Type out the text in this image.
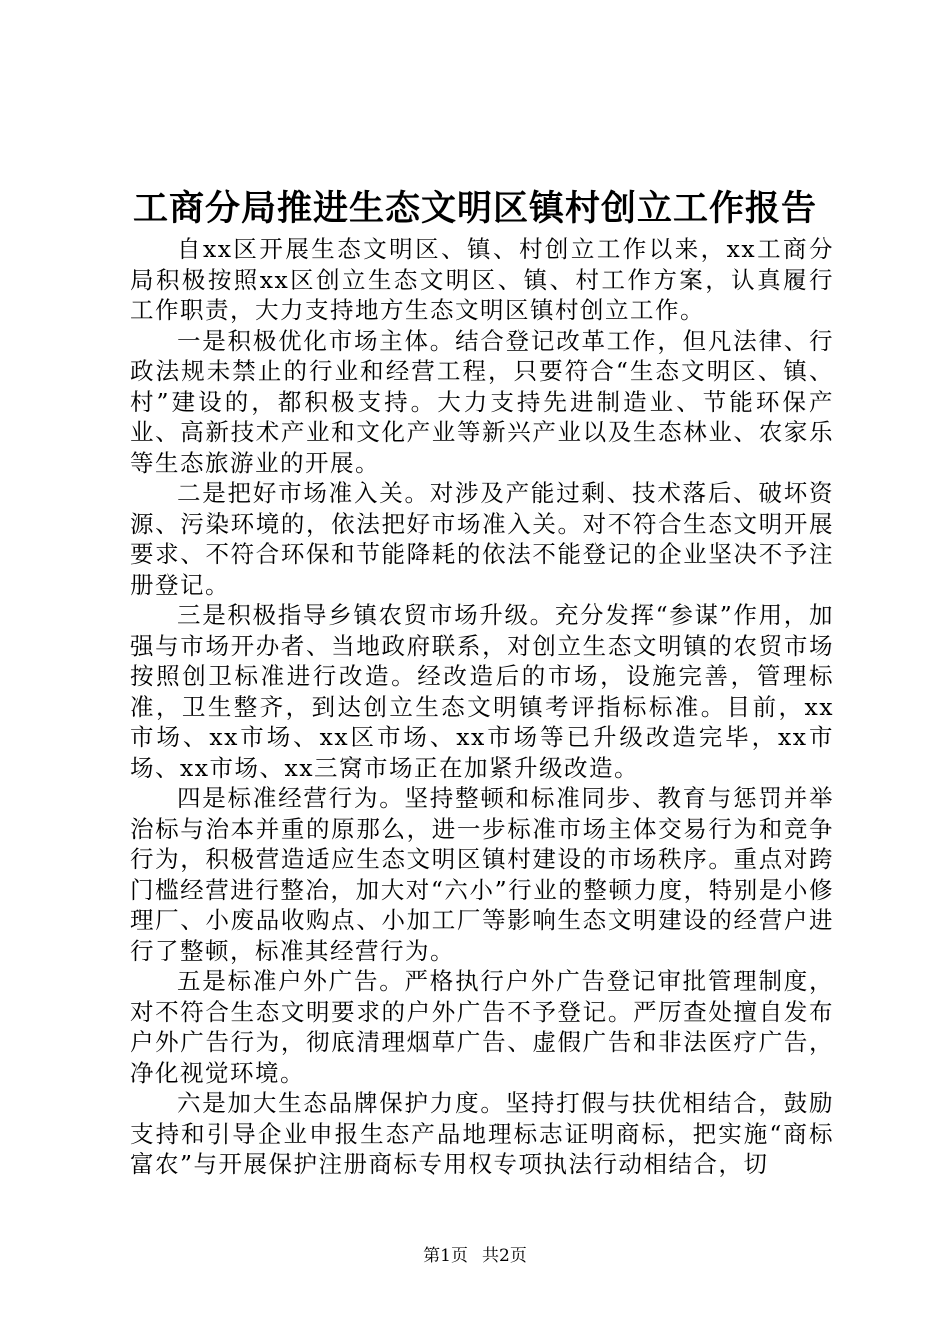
工商分局推进生态文明区镇村创立工作报告

自xx区开展生态文明区、镇、村创立工作以来，xx工商分局积极按照xx区创立生态文明区、镇、村工作方案，认真履行工作职责，大力支持地方生态文明区镇村创立工作。

一是积极优化市场主体。结合登记改革工作，但凡法律、行政法规未禁止的行业和经营工程，只要符合“生态文明区、镇、村”建设的，都积极支持。大力支持先进制造业、节能环保产业、高新技术产业和文化产业等新兴产业以及生态林业、农家乐等生态旅游业的开展。

二是把好市场准入关。对涉及产能过剩、技术落后、破坏资源、污染环境的，依法把好市场准入关。对不符合生态文明开展要求、不符合环保和节能降耗的依法不能登记的企业坚决不予注册登记。

三是积极指导乡镇农贸市场升级。充分发挥“参谋”作用，加强与市场开办者、当地政府联系，对创立生态文明镇的农贸市场按照创卫标准进行改造。经改造后的市场，设施完善，管理标准，卫生整齐，到达创立生态文明镇考评指标标准。目前，xx市场、xx市场、xx区市场、xx市场等已升级改造完毕，xx市场、xx市场、xx三窝市场正在加紧升级改造。

四是标准经营行为。坚持整顿和标准同步、教育与惩罚并举治标与治本并重的原那么，进一步标准市场主体交易行为和竞争行为，积极营造适应生态文明区镇村建设的市场秩序。重点对跨门槛经营进行整冶，加大对“六小”行业的整顿力度，特别是小修理厂、小废品收购点、小加工厂等影响生态文明建设的经营户进行了整顿，标准其经营行为。

五是标准户外广告。严格执行户外广告登记审批管理制度，对不符合生态文明要求的户外广告不予登记。严厉查处擅自发布户外广告行为，彻底清理烟草广告、虚假广告和非法医疗广告，净化视觉环境。

六是加大生态品牌保护力度。坚持打假与扶优相结合，鼓励支持和引导企业申报生态产品地理标志证明商标，把实施“商标富农”与开展保护注册商标专用权专项执法行动相结合，切

第1页 共2页
